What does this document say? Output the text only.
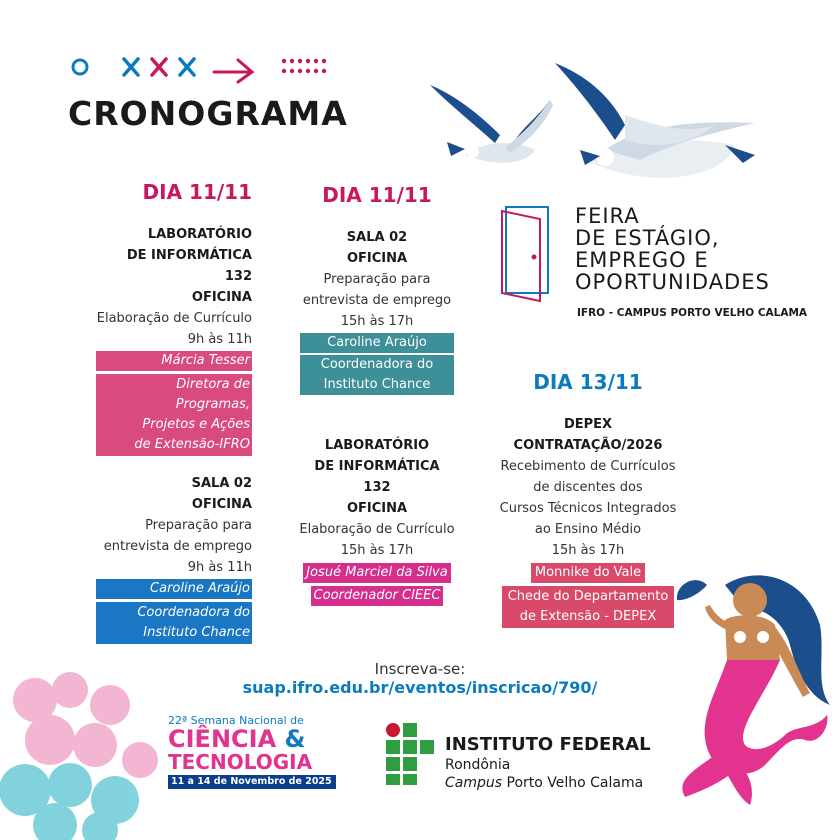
CRONOGRAMA
FEIRA
DE ESTÁGIO,
EMPREGO E
OPORTUNIDADES
IFRO - CAMPUS PORTO VELHO CALAMA
DIA 11/11
LABORATÓRIO
DE INFORMÁTICA
132
OFICINA
Elaboração de Currículo
9h às 11h
Márcia Tesser
Diretora de Programas,
Projetos e Ações
de Extensão-IFRO
SALA 02
OFICINA
Preparação para
entrevista de emprego
9h às 11h
Caroline Araújo
Coordenadora do
Instituto Chance
DIA 11/11
SALA 02
OFICINA
Preparação para
entrevista de emprego
15h às 17h
Caroline Araújo
Coordenadora do
Instituto Chance
LABORATÓRIO
DE INFORMÁTICA
132
OFICINA
Elaboração de Currículo
15h às 17h
Josué Marciel da Silva
Coordenador CIEEC
DIA 13/11
DEPEX
CONTRATAÇÃO/2026
Recebimento de Currículos
de discentes dos
Cursos Técnicos Integrados
ao Ensino Médio
15h às 17h
Monnike do Vale
Chede do Departamento
de Extensão - DEPEX
Inscreva-se:
suap.ifro.edu.br/eventos/inscricao/790/
22ª Semana Nacional de
CIÊNCIA &
TECNOLOGIA
11 a 14 de Novembro de 2025
INSTITUTO FEDERAL
Rondônia
Campus Porto Velho Calama
